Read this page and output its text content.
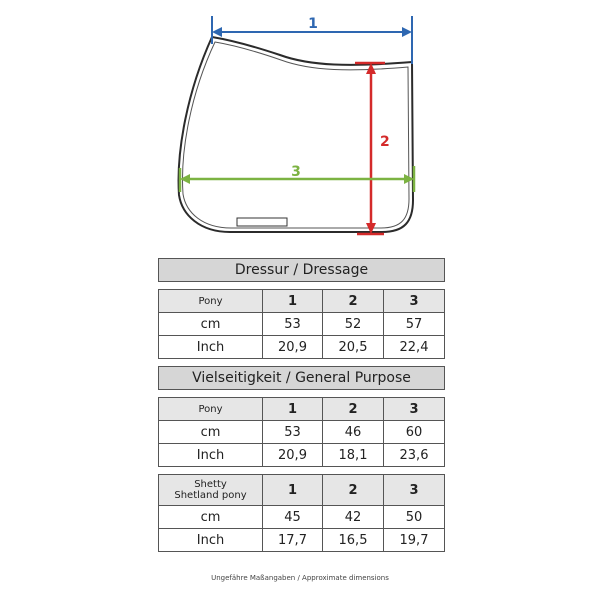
1
2
3
Dressur / Dressage			

Pony	1	2	3
cm	53	52	57
Inch	20,9	20,5	22,4
Vielseitigkeit / General Purpose			

Pony	1	2	3
cm	53	46	60
Inch	20,9	18,1	23,6
Shetty
Shetland pony	1	2	3
cm	45	42	50
Inch	17,7	16,5	19,7
Ungefähre Maßangaben / Approximate dimensions
